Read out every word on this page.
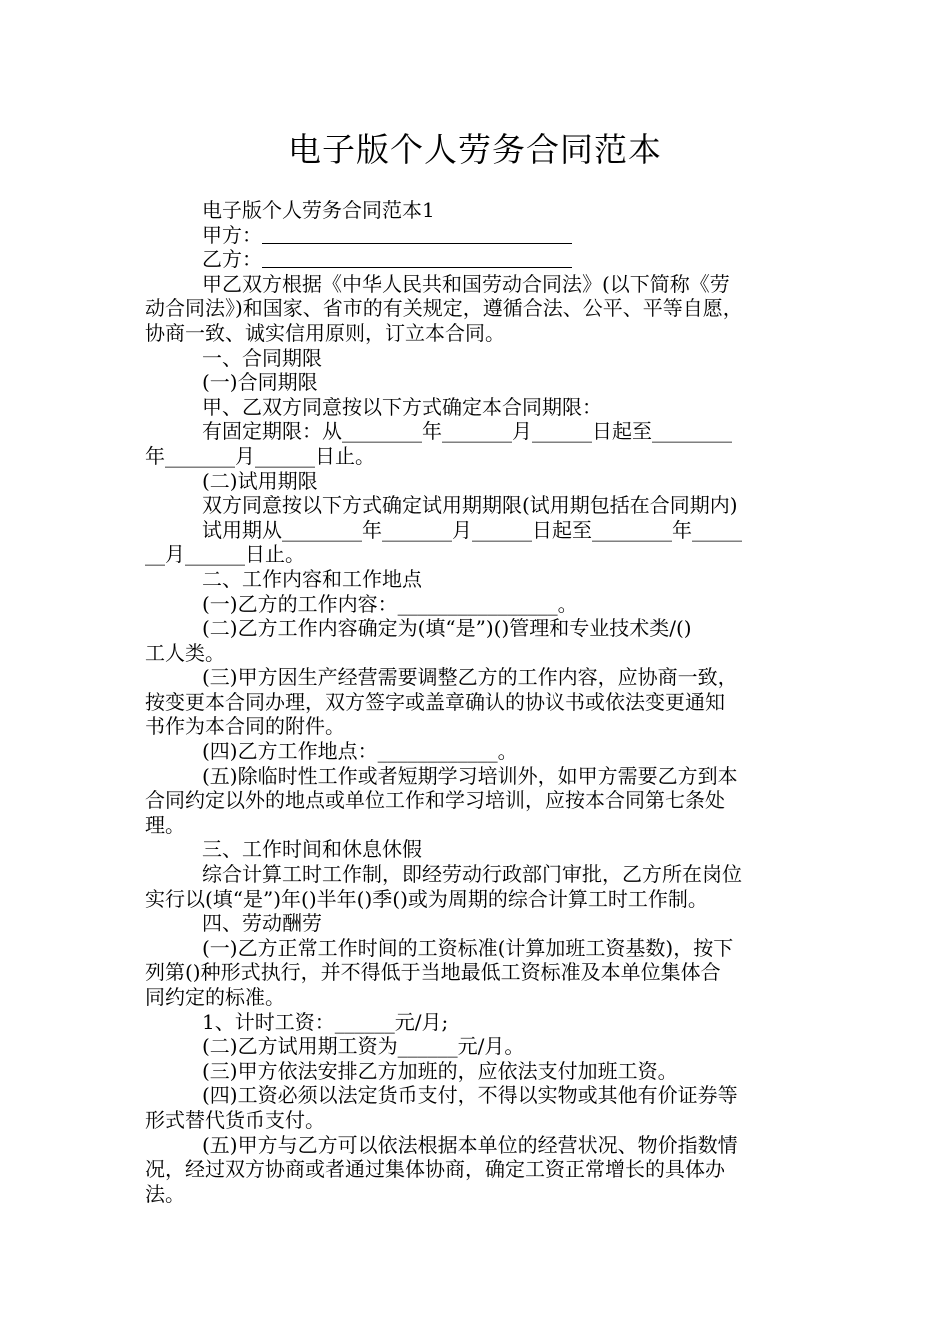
电子版个人劳务合同范本

电子版个人劳务合同范本1

甲方：

乙方：

甲乙双方根据《中华人民共和国劳动合同法》(以下简称《劳

动合同法》)和国家、省市的有关规定，遵循合法、公平、平等自愿，

协商一致、诚实信用原则，订立本合同。

一、合同期限

(一)合同期限

甲、乙双方同意按以下方式确定本合同期限：

有固定期限：从________年_______月______日起至________

年_______月______日止。

(二)试用期限

双方同意按以下方式确定试用期期限(试用期包括在合同期内)

试用期从________年_______月______日起至________年_____

__月______日止。

二、工作内容和工作地点

(一)乙方的工作内容：________________。

(二)乙方工作内容确定为(填“是”)()管理和专业技术类/()

工人类。

(三)甲方因生产经营需要调整乙方的工作内容，应协商一致，

按变更本合同办理，双方签字或盖章确认的协议书或依法变更通知

书作为本合同的附件。

(四)乙方工作地点：____________。

(五)除临时性工作或者短期学习培训外，如甲方需要乙方到本

合同约定以外的地点或单位工作和学习培训，应按本合同第七条处

理。

三、工作时间和休息休假

综合计算工时工作制，即经劳动行政部门审批，乙方所在岗位

实行以(填“是”)年()半年()季()或为周期的综合计算工时工作制。

四、劳动酬劳

(一)乙方正常工作时间的工资标准(计算加班工资基数)，按下

列第()种形式执行，并不得低于当地最低工资标准及本单位集体合

同约定的标准。

1、计时工资：______元/月;

(二)乙方试用期工资为______元/月。

(三)甲方依法安排乙方加班的，应依法支付加班工资。

(四)工资必须以法定货币支付，不得以实物或其他有价证券等

形式替代货币支付。

(五)甲方与乙方可以依法根据本单位的经营状况、物价指数情

况，经过双方协商或者通过集体协商，确定工资正常增长的具体办

法。
